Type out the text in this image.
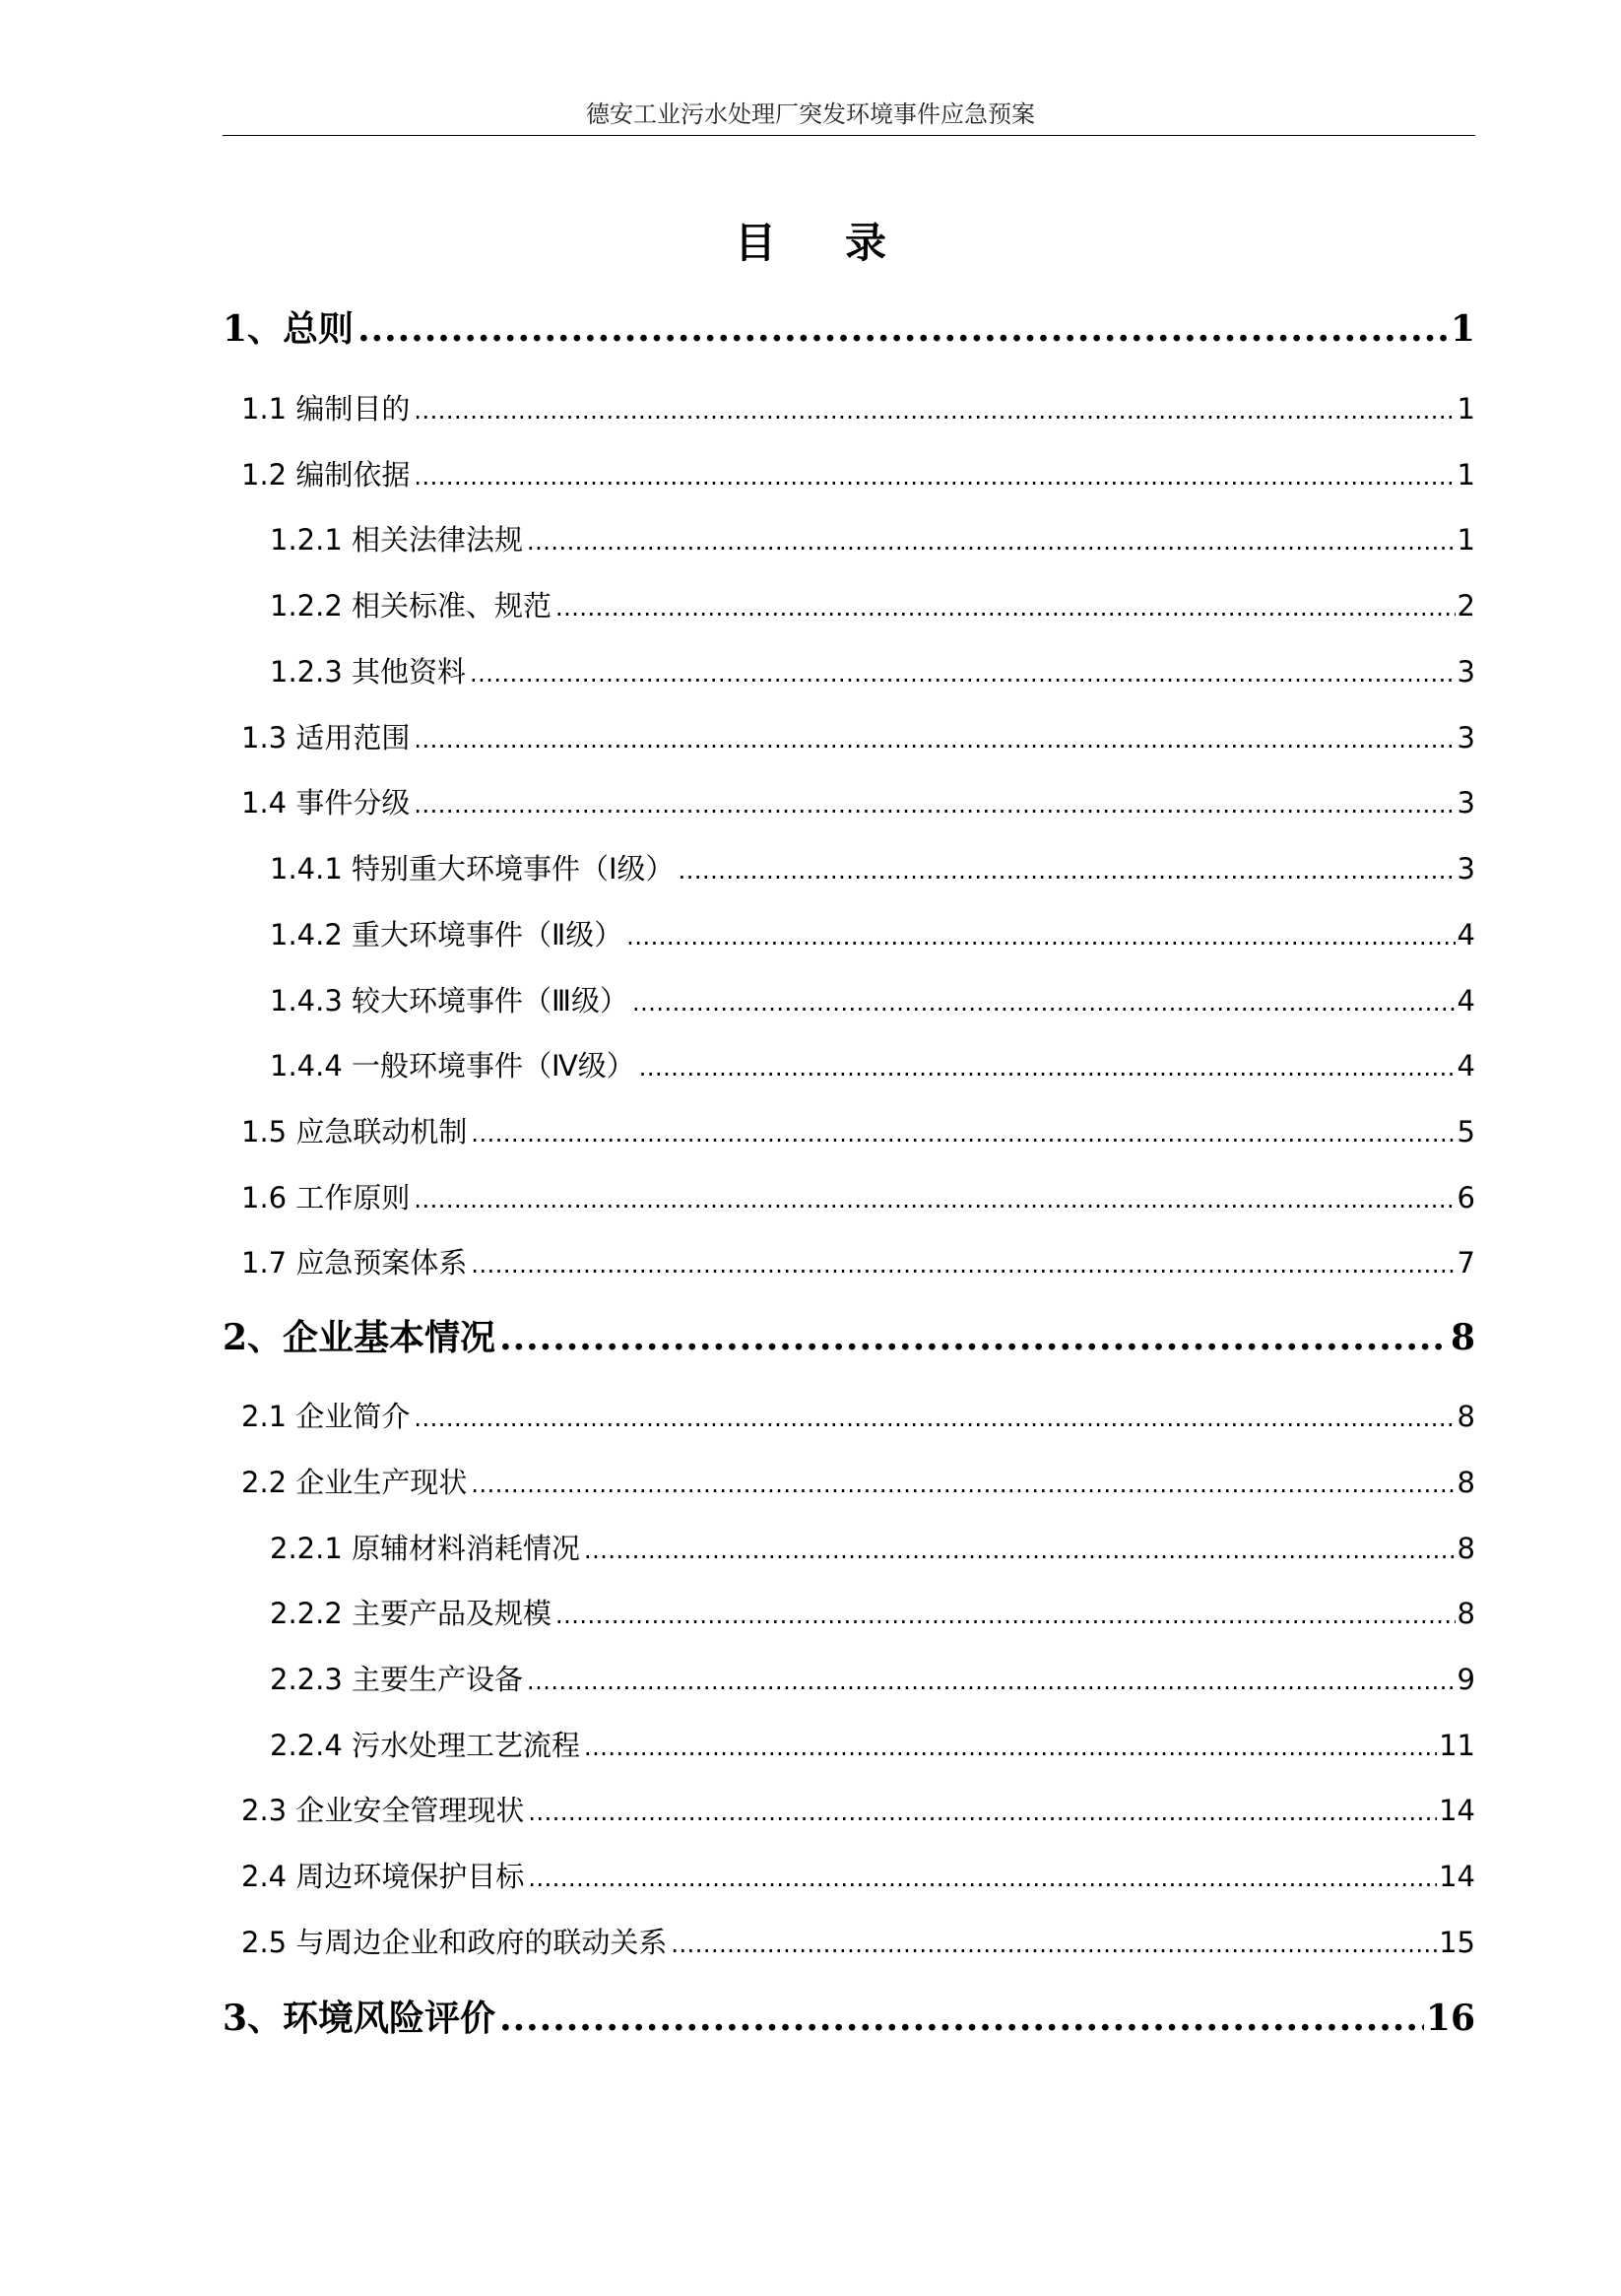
德安工业污水处理厂突发环境事件应急预案
目录
1、总则 .....	1
1.1 编制目的 .....	1
1.2 编制依据 .....	1
1.2.1 相关法律法规 .....	1
1.2.2 相关标准、规范 .....	2
1.2.3 其他资料 .....	3
1.3 适用范围 .....	3
1.4 事件分级 .....	3
1.4.1 特别重大环境事件（Ⅰ级） .....	3
1.4.2 重大环境事件（Ⅱ级） .....	4
1.4.3 较大环境事件（Ⅲ级） .....	4
1.4.4 一般环境事件（Ⅳ级） .....	4
1.5 应急联动机制 .....	5
1.6 工作原则 .....	6
1.7 应急预案体系 .....	7
2、企业基本情况 .....	8
2.1 企业简介 .....	8
2.2 企业生产现状 .....	8
2.2.1 原辅材料消耗情况 .....	8
2.2.2 主要产品及规模 .....	8
2.2.3 主要生产设备 .....	9
2.2.4 污水处理工艺流程 .....	11
2.3 企业安全管理现状 .....	14
2.4 周边环境保护目标 .....	14
2.5 与周边企业和政府的联动关系 .....	15
3、环境风险评价 .....	16
